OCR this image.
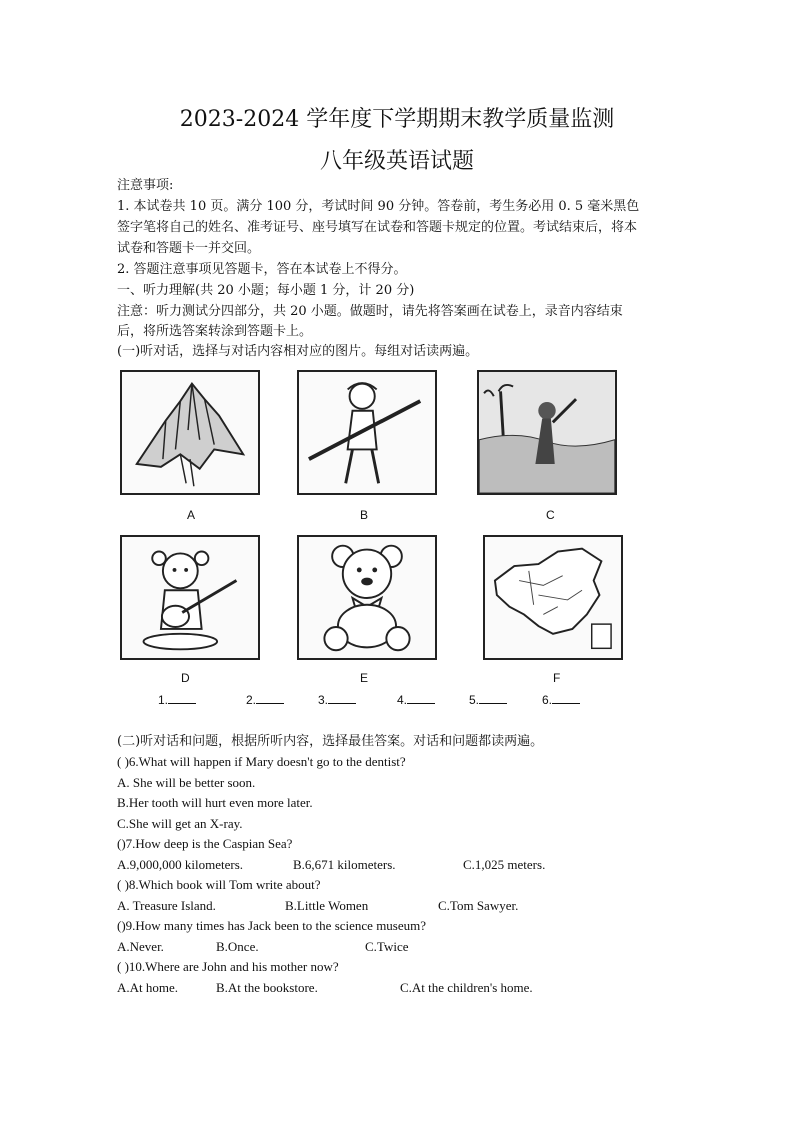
2023-2024 学年度下学期期末教学质量监测
八年级英语试题
注意事项:
1. 本试卷共 10 页。满分 100 分，考试时间 90 分钟。答卷前，考生务必用 0. 5 毫米黑色
签字笔将自己的姓名、准考证号、座号填写在试卷和答题卡规定的位置。考试结束后，将本
试卷和答题卡一并交回。
2. 答题注意事项见答题卡，答在本试卷上不得分。
一、听力理解(共 20 小题；每小题 1 分，计 20 分)
注意：听力测试分四部分，共 20 小题。做题时，请先将答案画在试卷上，录音内容结束
后，将所选答案转涂到答题卡上。
(一)听对话，选择与对话内容相对应的图片。每组对话读两遍。
A	B	C
D	E	F
1.	2.	3.	4.	5.	6.
(二)听对话和问题，根据所听内容，选择最佳答案。对话和问题都读两遍。
( )6.What will happen if Mary doesn't go to the dentist?
A. She will be better soon.
B.Her tooth will hurt even more later.
C.She will get an X-ray.
()7.How deep is the Caspian Sea?
A.9,000,000 kilometers.	B.6,671 kilometers.	C.1,025 meters.
( )8.Which book will Tom write about?
A. Treasure Island.	B.Little Women	C.Tom Sawyer.
()9.How many times has Jack been to the science museum?
A.Never.	B.Once.	C.Twice
( )10.Where are John and his mother now?
A.At home.	B.At the bookstore.	C.At the children's home.
